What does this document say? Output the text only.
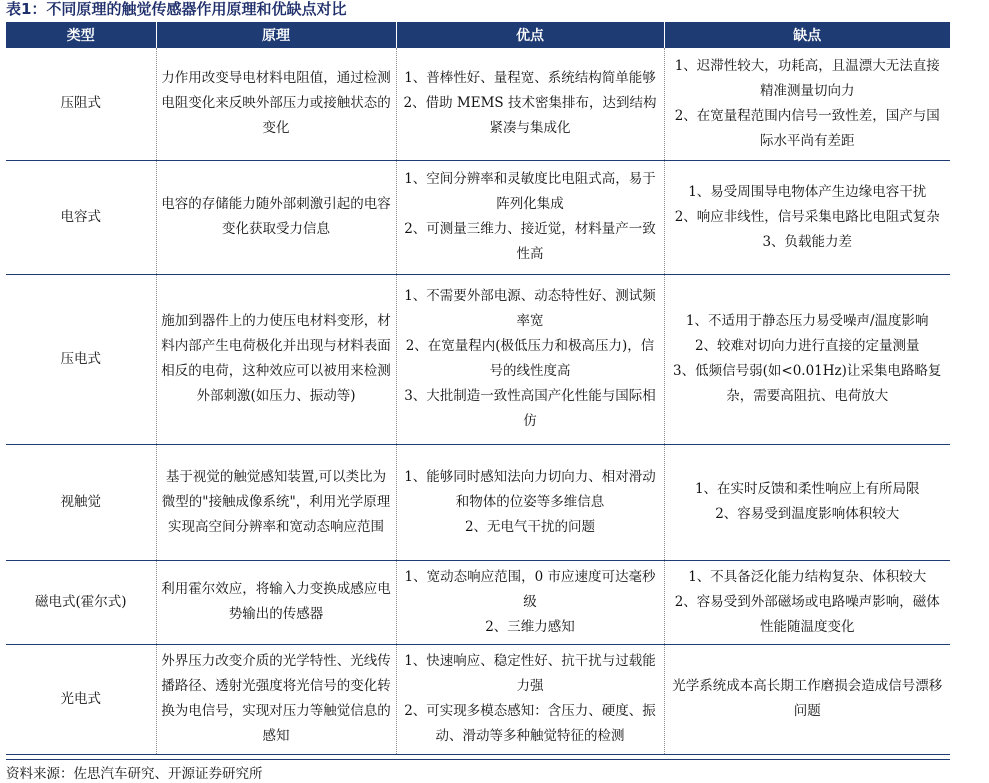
表1：不同原理的触觉传感器作用原理和优缺点对比
类型	原理	优点	缺点
压阻式	力作用改变导电材料电阻值，通过检测电阻变化来反映外部压力或接触状态的变化	1、普棒性好、量程宽、系统结构简单能够
2、借助 MEMS 技术密集排布，达到结构紧凑与集成化	1、迟滞性较大，功耗高，且温漂大无法直接精准测量切向力
2、在宽量程范围内信号一致性差，国产与国际水平尚有差距

电容式	电容的存储能力随外部刺激引起的电容变化获取受力信息	1、空间分辨率和灵敏度比电阻式高，易于阵列化集成
2、可测量三维力、接近觉，材料量产一致性高	1、易受周围导电物体产生边缘电容干扰
2、响应非线性，信号采集电路比电阻式复杂
3、负载能力差

压电式	施加到器件上的力使压电材料变形，材料内部产生电荷极化并出现与材料表面相反的电荷，这种效应可以被用来检测外部刺激(如压力、振动等)	1、不需要外部电源、动态特性好、测试频率宽
2、在宽量程内(极低压力和极高压力)，信号的线性度高
3、大批制造一致性高国产化性能与国际相仿	1、不适用于静态压力易受噪声/温度影响
2、较难对切向力进行直接的定量测量
3、低频信号弱(如<0.01Hz)让采集电路略复杂，需要高阻抗、电荷放大

视触觉	基于视觉的触觉感知装置,可以类比为微型的"接触成像系统"，利用光学原理实现高空间分辨率和宽动态响应范围	1、能够同时感知法向力切向力、相对滑动和物体的位姿等多维信息
2、无电气干扰的问题	1、在实时反馈和柔性响应上有所局限
2、容易受到温度影响体积较大

磁电式(霍尔式)	利用霍尔效应，将输入力变换成感应电势输出的传感器	1、宽动态响应范围，0 市应速度可达毫秒级
2、三维力感知	1、不具备泛化能力结构复杂、体积较大
2、容易受到外部磁场或电路噪声影响，磁体性能随温度变化

光电式	外界压力改变介质的光学特性、光线传播路径、透射光强度将光信号的变化转换为电信号，实现对压力等触觉信息的感知	1、快速响应、稳定性好、抗干扰与过载能力强
2、可实现多模态感知：含压力、硬度、振动、滑动等多种触觉特征的检测	光学系统成本高长期工作磨损会造成信号漂移问题
资料来源：佐思汽车研究、开源证券研究所
